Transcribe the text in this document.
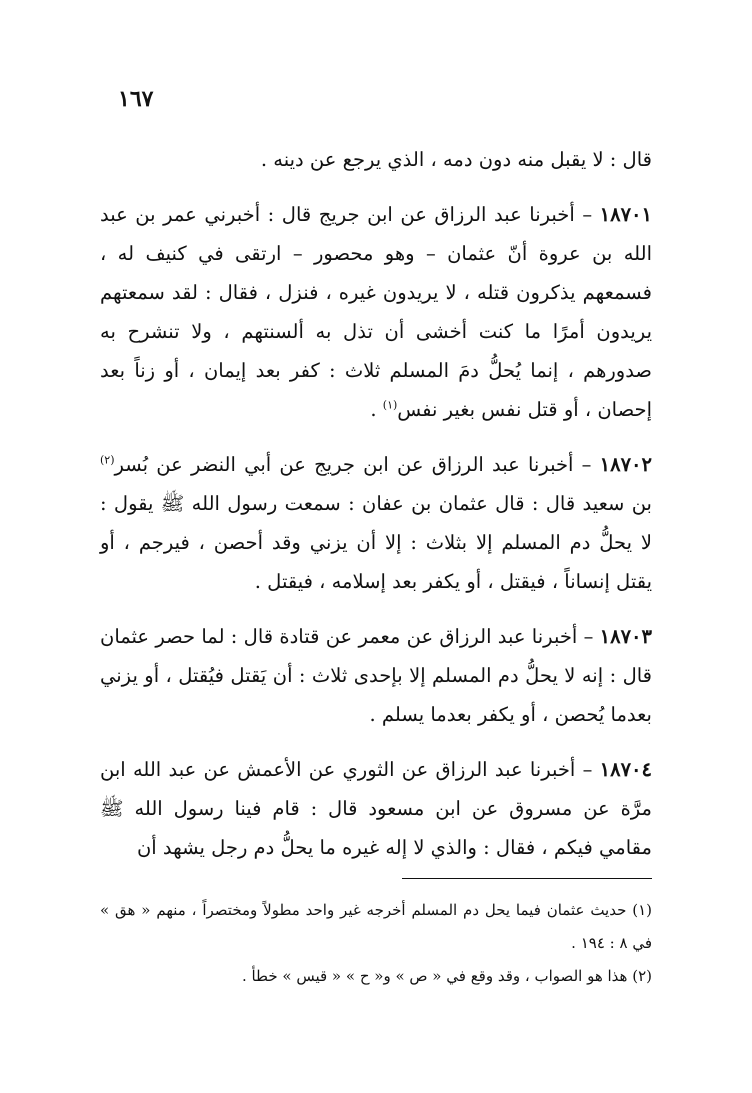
١٦٧

قال : لا يقبل منه دون دمه ، الذي يرجع عن دينه .

١٨٧٠١ – أخبرنا عبد الرزاق عن ابن جريج قال : أخبرني عمر بن عبد الله بن عروة أنّ عثمان – وهو محصور – ارتقى في كنيف له ، فسمعهم يذكرون قتله ، لا يريدون غيره ، فنزل ، فقال : لقد سمعتهم يريدون أمرًا ما كنت أخشى أن تذل به ألسنتهم ، ولا تنشرح به صدورهم ، إنما يُحلُّ دمَ المسلم ثلاث : كفر بعد إيمان ، أو زناً بعد إحصان ، أو قتل نفس بغير نفس$^{(١)}$ .

١٨٧٠٢ – أخبرنا عبد الرزاق عن ابن جريج عن أبي النضر عن بُسر$^{(٢)}$ بن سعيد قال : قال عثمان بن عفان : سمعت رسول الله ﷺ يقول : لا يحلُّ دم المسلم إلا بثلاث : إلا أن يزني وقد أحصن ، فيرجم ، أو يقتل إنساناً ، فيقتل ، أو يكفر بعد إسلامه ، فيقتل .

١٨٧٠٣ – أخبرنا عبد الرزاق عن معمر عن قتادة قال : لما حصر عثمان قال : إنه لا يحلُّ دم المسلم إلا بإحدى ثلاث : أن يَقتل فيُقتل ، أو يزني بعدما يُحصن ، أو يكفر بعدما يسلم .

١٨٧٠٤ – أخبرنا عبد الرزاق عن الثوري عن الأعمش عن عبد الله ابن مرَّة عن مسروق عن ابن مسعود قال : قام فينا رسول الله ﷺ مقامي فيكم ، فقال : والذي لا إله غيره ما يحلُّ دم رجل يشهد أن

(١) حديث عثمان فيما يحل دم المسلم أخرجه غير واحد مطولاً ومختصراً ، منهم « هق » في ٨ : ١٩٤ .

(٢) هذا هو الصواب ، وقد وقع في « ص » و« ح » « قيس » خطأ .
